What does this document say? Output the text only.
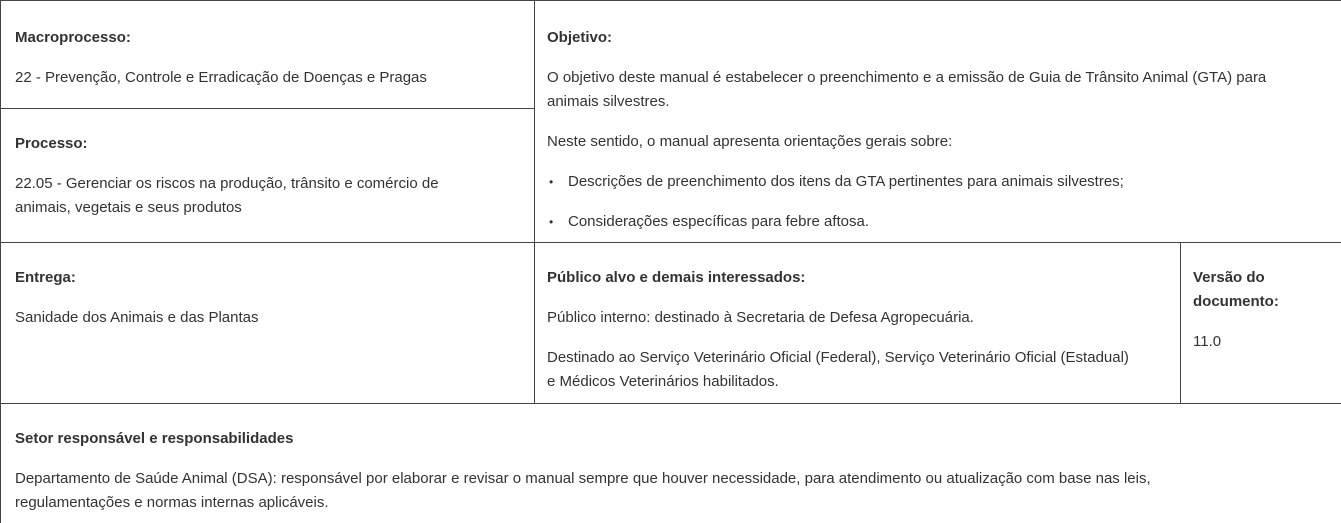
Macroprocesso:

22 - Prevenção, Controle e Erradicação de Doenças e Pragas

Processo:

22.05 - Gerenciar os riscos na produção, trânsito e comércio de
animais, vegetais e seus produtos

Objetivo:

O objetivo deste manual é estabelecer o preenchimento e a emissão de Guia de Trânsito Animal (GTA) para
animais silvestres.

Neste sentido, o manual apresenta orientações gerais sobre:

• Descrições de preenchimento dos itens da GTA pertinentes para animais silvestres;
• Considerações específicas para febre aftosa.

Entrega:

Sanidade dos Animais e das Plantas

Público alvo e demais interessados:

Público interno: destinado à Secretaria de Defesa Agropecuária.

Destinado ao Serviço Veterinário Oficial (Federal), Serviço Veterinário Oficial (Estadual)
e Médicos Veterinários habilitados.

Versão do
documento:

11.0

Setor responsável e responsabilidades

Departamento de Saúde Animal (DSA): responsável por elaborar e revisar o manual sempre que houver necessidade, para atendimento ou atualização com base nas leis,
regulamentações e normas internas aplicáveis.
